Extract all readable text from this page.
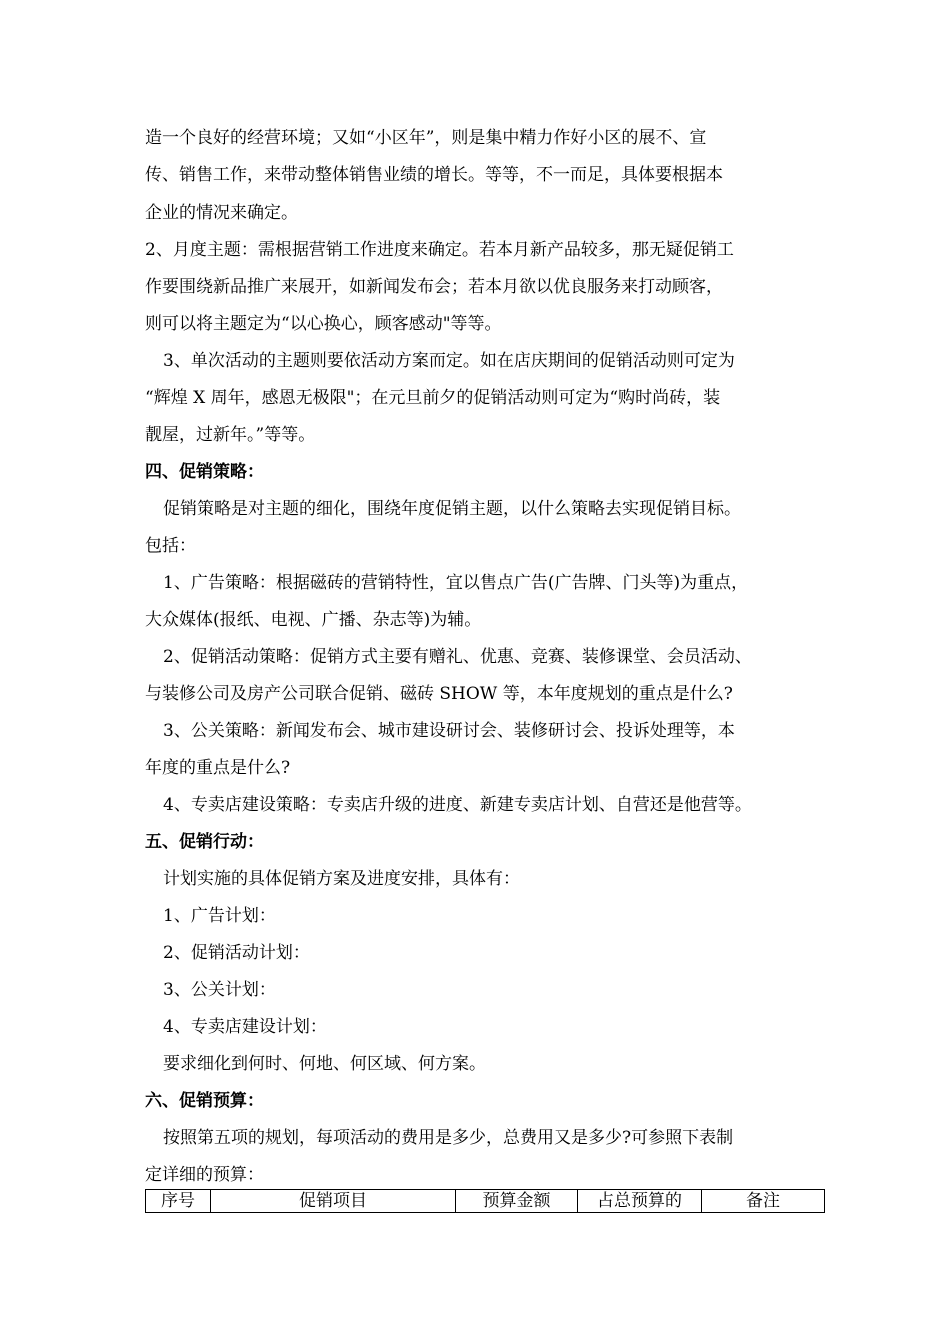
造一个良好的经营环境；又如“小区年”，则是集中精力作好小区的展不、宣
传、销售工作，来带动整体销售业绩的增长。等等，不一而足，具体要根据本
企业的情况来确定。
2、月度主题：需根据营销工作进度来确定。若本月新产品较多，那无疑促销工
作要围绕新品推广来展开，如新闻发布会；若本月欲以优良服务来打动顾客，
则可以将主题定为“以心换心，顾客感动"等等。
3、单次活动的主题则要依活动方案而定。如在店庆期间的促销活动则可定为
“辉煌 X 周年，感恩无极限"；在元旦前夕的促销活动则可定为“购时尚砖，装
靓屋，过新年。”等等。
四、促销策略：
促销策略是对主题的细化，围绕年度促销主题，以什么策略去实现促销目标。
包括：
1、广告策略：根据磁砖的营销特性，宜以售点广告(广告牌、门头等)为重点，
大众媒体(报纸、电视、广播、杂志等)为辅。
2、促销活动策略：促销方式主要有赠礼、优惠、竞赛、装修课堂、会员活动、
与装修公司及房产公司联合促销、磁砖 SHOW 等，本年度规划的重点是什么?
3、公关策略：新闻发布会、城市建设研讨会、装修研讨会、投诉处理等，本
年度的重点是什么?
4、专卖店建设策略：专卖店升级的进度、新建专卖店计划、自营还是他营等。
五、促销行动：
计划实施的具体促销方案及进度安排，具体有：
1、广告计划：
2、促销活动计划：
3、公关计划：
4、专卖店建设计划：
要求细化到何时、何地、何区域、何方案。
六、促销预算：
按照第五项的规划，每项活动的费用是多少，总费用又是多少?可参照下表制
定详细的预算：
序号	促销项目	预算金额	占总预算的	备注
